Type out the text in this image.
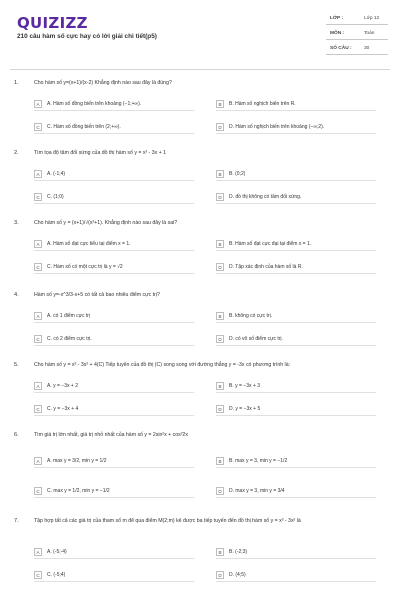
QUIZIZZ
210 câu hàm số cực hay có lời giải chi tiết(p5)
LỚP :	Lớp 12
MÔN :	Toán
SỐ CÂU :	30
1.	Cho hàm số y=(x+1)/(x-2) Khẳng định nào sau đây là đúng?
A	A. Hàm số đồng biến trên khoảng (−1;+∞).	B	B. Hàm số nghịch biến trên R.
C	C. Hàm số đồng biến trên (2;+∞).	D	D. Hàm số nghịch biến trên khoảng (−∞;2).
2.	Tìm tọa độ tâm đối xứng của đồ thị hàm số y = x³ - 3x + 1
A	A. (-1;4)	B	B. (0;2)
C	C. (1;0)	D	D. đồ thị không có tâm đối xứng.
3.	Cho hàm số y = (x+1)/√(x²+1). Khẳng định nào sau đây là sai?
A	A. Hàm số đạt cực tiểu tại điểm x = 1.	B	B. Hàm số đạt cực đại tại điểm x = 1.
C	C. Hàm số có một cực trị là y = √2	D	D. Tập xác định của hàm số là R.
4.	Hàm số y=-x^3/3-x+5 có tất cả bao nhiêu điểm cực trị?
A	A. có 1 điểm cực trị	B	B. không có cực trị.
C	C. có 2 điểm cực trị.	D	D. có vô số điểm cực trị.
5.	Cho hàm số y = x³ - 3x² + 4(C) Tiếp tuyến của đồ thị (C) song song với đường thẳng y = -3x có phương trình là:
A	A. y = −3x + 2	B	B. y = −3x + 3
C	C. y = −3x + 4	D	D. y = −3x + 5
6.	Tìm giá trị lớn nhất, giá trị nhỏ nhất của hàm số y = 2sin²x + cos²2x
A	A. max y = 3/2, min y = 1/2	B	B. max y = 3, min y = −1/2
C	C. max y = 1/2, min y = −1/2	D	D. max y = 3, min y = 3/4
7.	Tập hợp tất cả các giá trị của tham số m để qua điểm M(2;m) kẻ được ba tiếp tuyến đến đồ thị hàm số y = x³ - 3x² là
A	A. (-5;-4)	B	B. (-2;3)
C	C. (-5;4)	D	D. (4;5)
